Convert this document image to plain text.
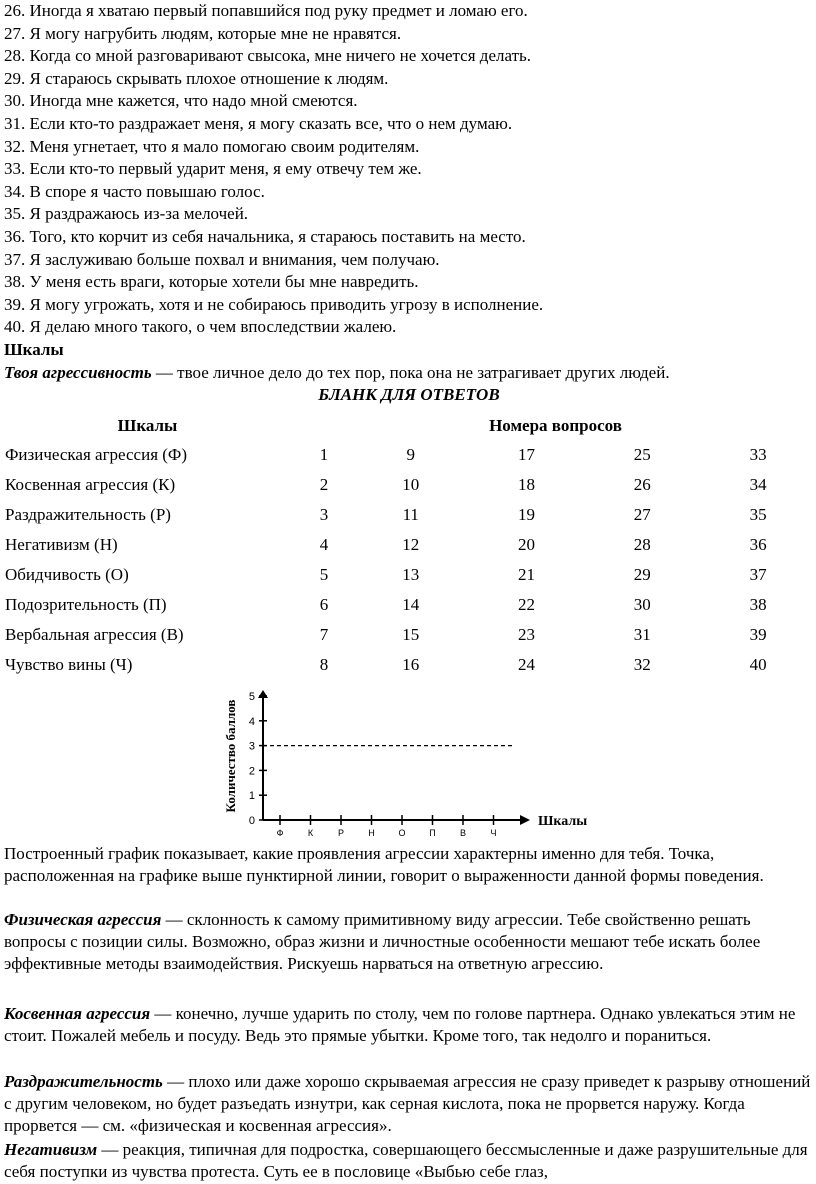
26. Иногда я хватаю первый попавшийся под руку предмет и ломаю его.
27. Я могу нагрубить людям, которые мне не нравятся.
28. Когда со мной разговаривают свысока, мне ничего не хочется делать.
29. Я стараюсь скрывать плохое отношение к людям.
30. Иногда мне кажется, что надо мной смеются.
31. Если кто-то раздражает меня, я могу сказать все, что о нем думаю.
32. Меня угнетает, что я мало помогаю своим родителям.
33. Если кто-то первый ударит меня, я ему отвечу тем же.
34. В споре я часто повышаю голос.
35. Я раздражаюсь из-за мелочей.
36. Того, кто корчит из себя начальника, я стараюсь поставить на место.
37. Я заслуживаю больше похвал и внимания, чем получаю.
38. У меня есть враги, которые хотели бы мне навредить.
39. Я могу угрожать, хотя и не собираюсь приводить угрозу в исполнение.
40. Я делаю много такого, о чем впоследствии жалею.
Шкалы
Твоя агрессивность — твое личное дело до тех пор, пока она не затрагивает других людей.
БЛАНК ДЛЯ ОТВЕТОВ
Шкалы	Номера вопросов				
Физическая агрессия (Ф)	1	9	17	25	33
Косвенная агрессия (К)	2	10	18	26	34
Раздражительность (Р)	3	11	19	27	35
Негативизм (Н)	4	12	20	28	36
Обидчивость (О)	5	13	21	29	37
Подозрительность (П)	6	14	22	30	38
Вербальная агрессия (В)	7	15	23	31	39
Чувство вины (Ч)	8	16	24	32	40
Количество баллов
0
1
2
3
4
5
Ф	К	Р	Н	О	П	В	Ч
Шкалы
Построенный график показывает, какие проявления агрессии характерны именно для тебя. Точка, расположенная на графике выше пунктирной линии, говорит о выраженности данной формы поведения.
Физическая агрессия — склонность к самому примитивному виду агрессии. Тебе свойственно решать вопросы с позиции силы. Возможно, образ жизни и личностные особенности мешают тебе искать более эффективные методы взаимодействия. Рискуешь нарваться на ответную агрессию.
Косвенная агрессия — конечно, лучше ударить по столу, чем по голове партнера. Однако увлекаться этим не стоит. Пожалей мебель и посуду. Ведь это прямые убытки. Кроме того, так недолго и пораниться.
Раздражительность — плохо или даже хорошо скрываемая агрессия не сразу приведет к разрыву отношений с другим человеком, но будет разъедать изнутри, как серная кислота, пока не прорвется наружу. Когда прорвется — см. «физическая и косвенная агрессия».
Негативизм — реакция, типичная для подростка, совершающего бессмысленные и даже разрушительные для себя поступки из чувства протеста. Суть ее в пословице «Выбью себе глаз,
